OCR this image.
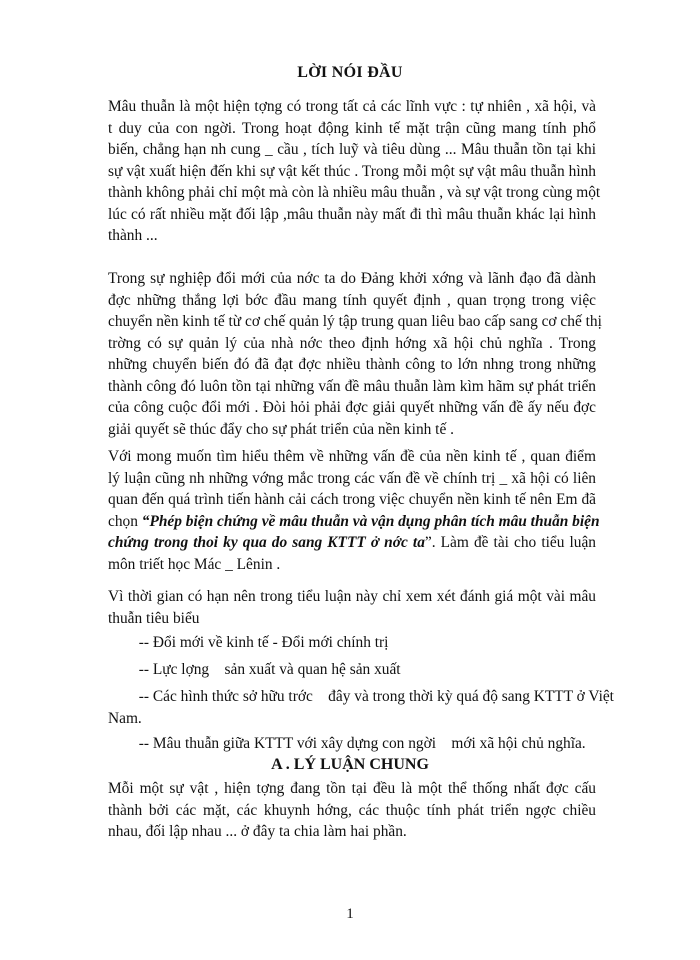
LỜI NÓI ĐẦU
Mâu thuẫn là một hiện tợng có trong tất cả các lĩnh vực : tự nhiên , xã hội, và
t duy của con ngời. Trong hoạt động kinh tế mặt trận cũng mang tính phổ
biến, chẳng hạn nh cung _ cầu , tích luỹ và tiêu dùng ... Mâu thuẫn tồn tại khi
sự vật xuất hiện đến khi sự vật kết thúc . Trong mỗi một sự vật mâu thuẫn hình
thành không phải chỉ một mà còn là nhiều mâu thuẫn , và sự vật trong cùng một
lúc có rất nhiều mặt đối lập ,mâu thuẫn này mất đi thì mâu thuẫn khác lại hình
thành ...
Trong sự nghiệp đổi mới của nớc ta do Đảng khởi xớng và lãnh đạo đã dành
đợc những thắng lợi bớc đầu mang tính quyết định , quan trọng trong việc
chuyển nền kinh tế từ cơ chế quản lý tập trung quan liêu bao cấp sang cơ chế thị
trờng có sự quản lý của nhà nớc theo định hớng xã hội chủ nghĩa . Trong
những chuyển biến đó đã đạt đợc nhiều thành công to lớn nhng trong những
thành công đó luôn tồn tại những vấn đề mâu thuẫn làm kìm hãm sự phát triển
của công cuộc đổi mới . Đòi hỏi phải đợc giải quyết những vấn đề ấy nếu đợc
giải quyết sẽ thúc đẩy cho sự phát triển của nền kinh tế .
Với mong muốn tìm hiểu thêm về những vấn đề của nền kinh tế , quan điểm
lý luận cũng nh những vớng mắc trong các vấn đề về chính trị _ xã hội có liên
quan đến quá trình tiến hành cải cách trong việc chuyển nền kinh tế nên Em đã
chọn “Phép biện chứng về mâu thuẫn và vận dụng phân tích mâu thuẫn biện
chứng trong thoi ky qua do sang KTTT ở nớc ta”. Làm đề tài cho tiểu luận
môn triết học Mác _ Lênin .
Vì thời gian có hạn nên trong tiểu luận này chỉ xem xét đánh giá một vài mâu
thuẫn tiêu biểu
-- Đổi mới về kinh tế - Đổi mới chính trị
-- Lực lợng    sản xuất và quan hệ sản xuất
-- Các hình thức sở hữu trớc    đây và trong thời kỳ quá độ sang KTTT ở Việt
Nam.
-- Mâu thuẫn giữa KTTT với xây dựng con ngời    mới xã hội chủ nghĩa.
A . LÝ LUẬN CHUNG
Mỗi một sự vật , hiện tợng đang tồn tại đều là một thể thống nhất đợc cấu
thành bởi các mặt, các khuynh hớng, các thuộc tính phát triển ngợc chiều
nhau, đối lập nhau ... ở đây ta chia làm hai phần.
1
